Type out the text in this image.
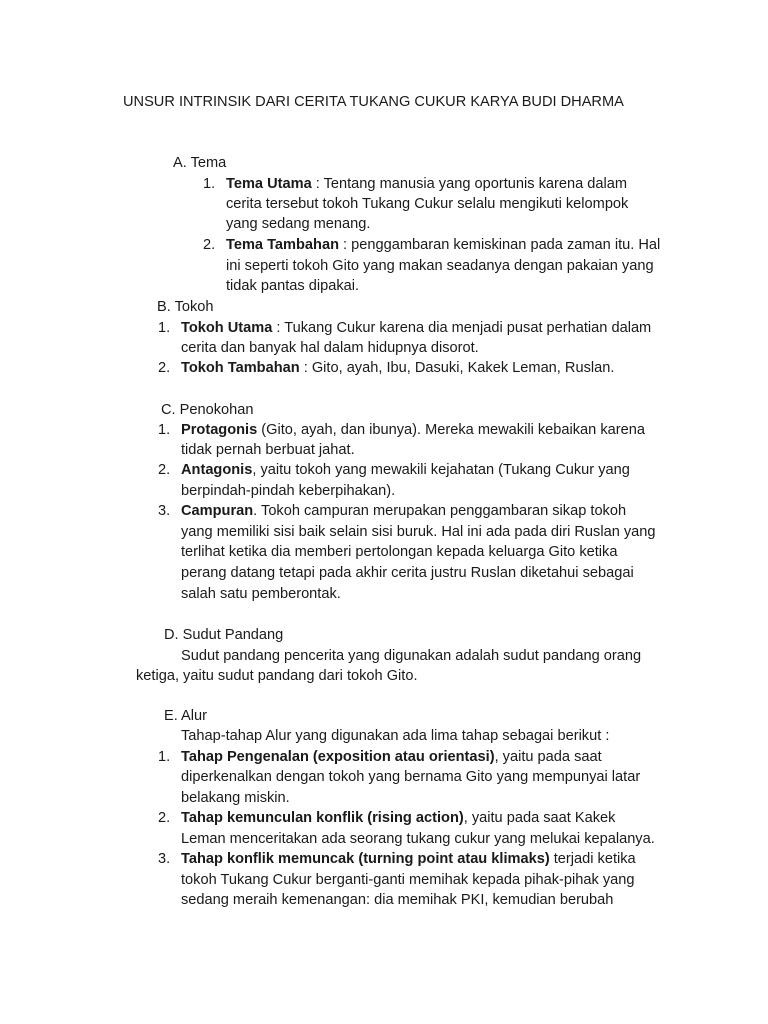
UNSUR INTRINSIK DARI CERITA TUKANG CUKUR KARYA BUDI DHARMA
A. Tema
1. Tema Utama : Tentang manusia yang oportunis karena dalam
cerita tersebut tokoh Tukang Cukur selalu mengikuti kelompok
yang sedang menang.
2. Tema Tambahan : penggambaran kemiskinan pada zaman itu. Hal
ini seperti tokoh Gito yang makan seadanya dengan pakaian yang
tidak pantas dipakai.
B. Tokoh
1. Tokoh Utama : Tukang Cukur karena dia menjadi pusat perhatian dalam
cerita dan banyak hal dalam hidupnya disorot.
2. Tokoh Tambahan : Gito, ayah, Ibu, Dasuki, Kakek Leman, Ruslan.
C. Penokohan
1. Protagonis (Gito, ayah, dan ibunya). Mereka mewakili kebaikan karena
tidak pernah berbuat jahat.
2. Antagonis, yaitu tokoh yang mewakili kejahatan (Tukang Cukur yang
berpindah-pindah keberpihakan).
3. Campuran. Tokoh campuran merupakan penggambaran sikap tokoh
yang memiliki sisi baik selain sisi buruk. Hal ini ada pada diri Ruslan yang
terlihat ketika dia memberi pertolongan kepada keluarga Gito ketika
perang datang tetapi pada akhir cerita justru Ruslan diketahui sebagai
salah satu pemberontak.
D. Sudut Pandang
Sudut pandang pencerita yang digunakan adalah sudut pandang orang
ketiga, yaitu sudut pandang dari tokoh Gito.
E. Alur
Tahap-tahap Alur yang digunakan ada lima tahap sebagai berikut :
1. Tahap Pengenalan (exposition atau orientasi), yaitu pada saat
diperkenalkan dengan tokoh yang bernama Gito yang mempunyai latar
belakang miskin.
2. Tahap kemunculan konflik (rising action), yaitu pada saat Kakek
Leman menceritakan ada seorang tukang cukur yang melukai kepalanya.
3. Tahap konflik memuncak (turning point atau klimaks) terjadi ketika
tokoh Tukang Cukur berganti-ganti memihak kepada pihak-pihak yang
sedang meraih kemenangan: dia memihak PKI, kemudian berubah
